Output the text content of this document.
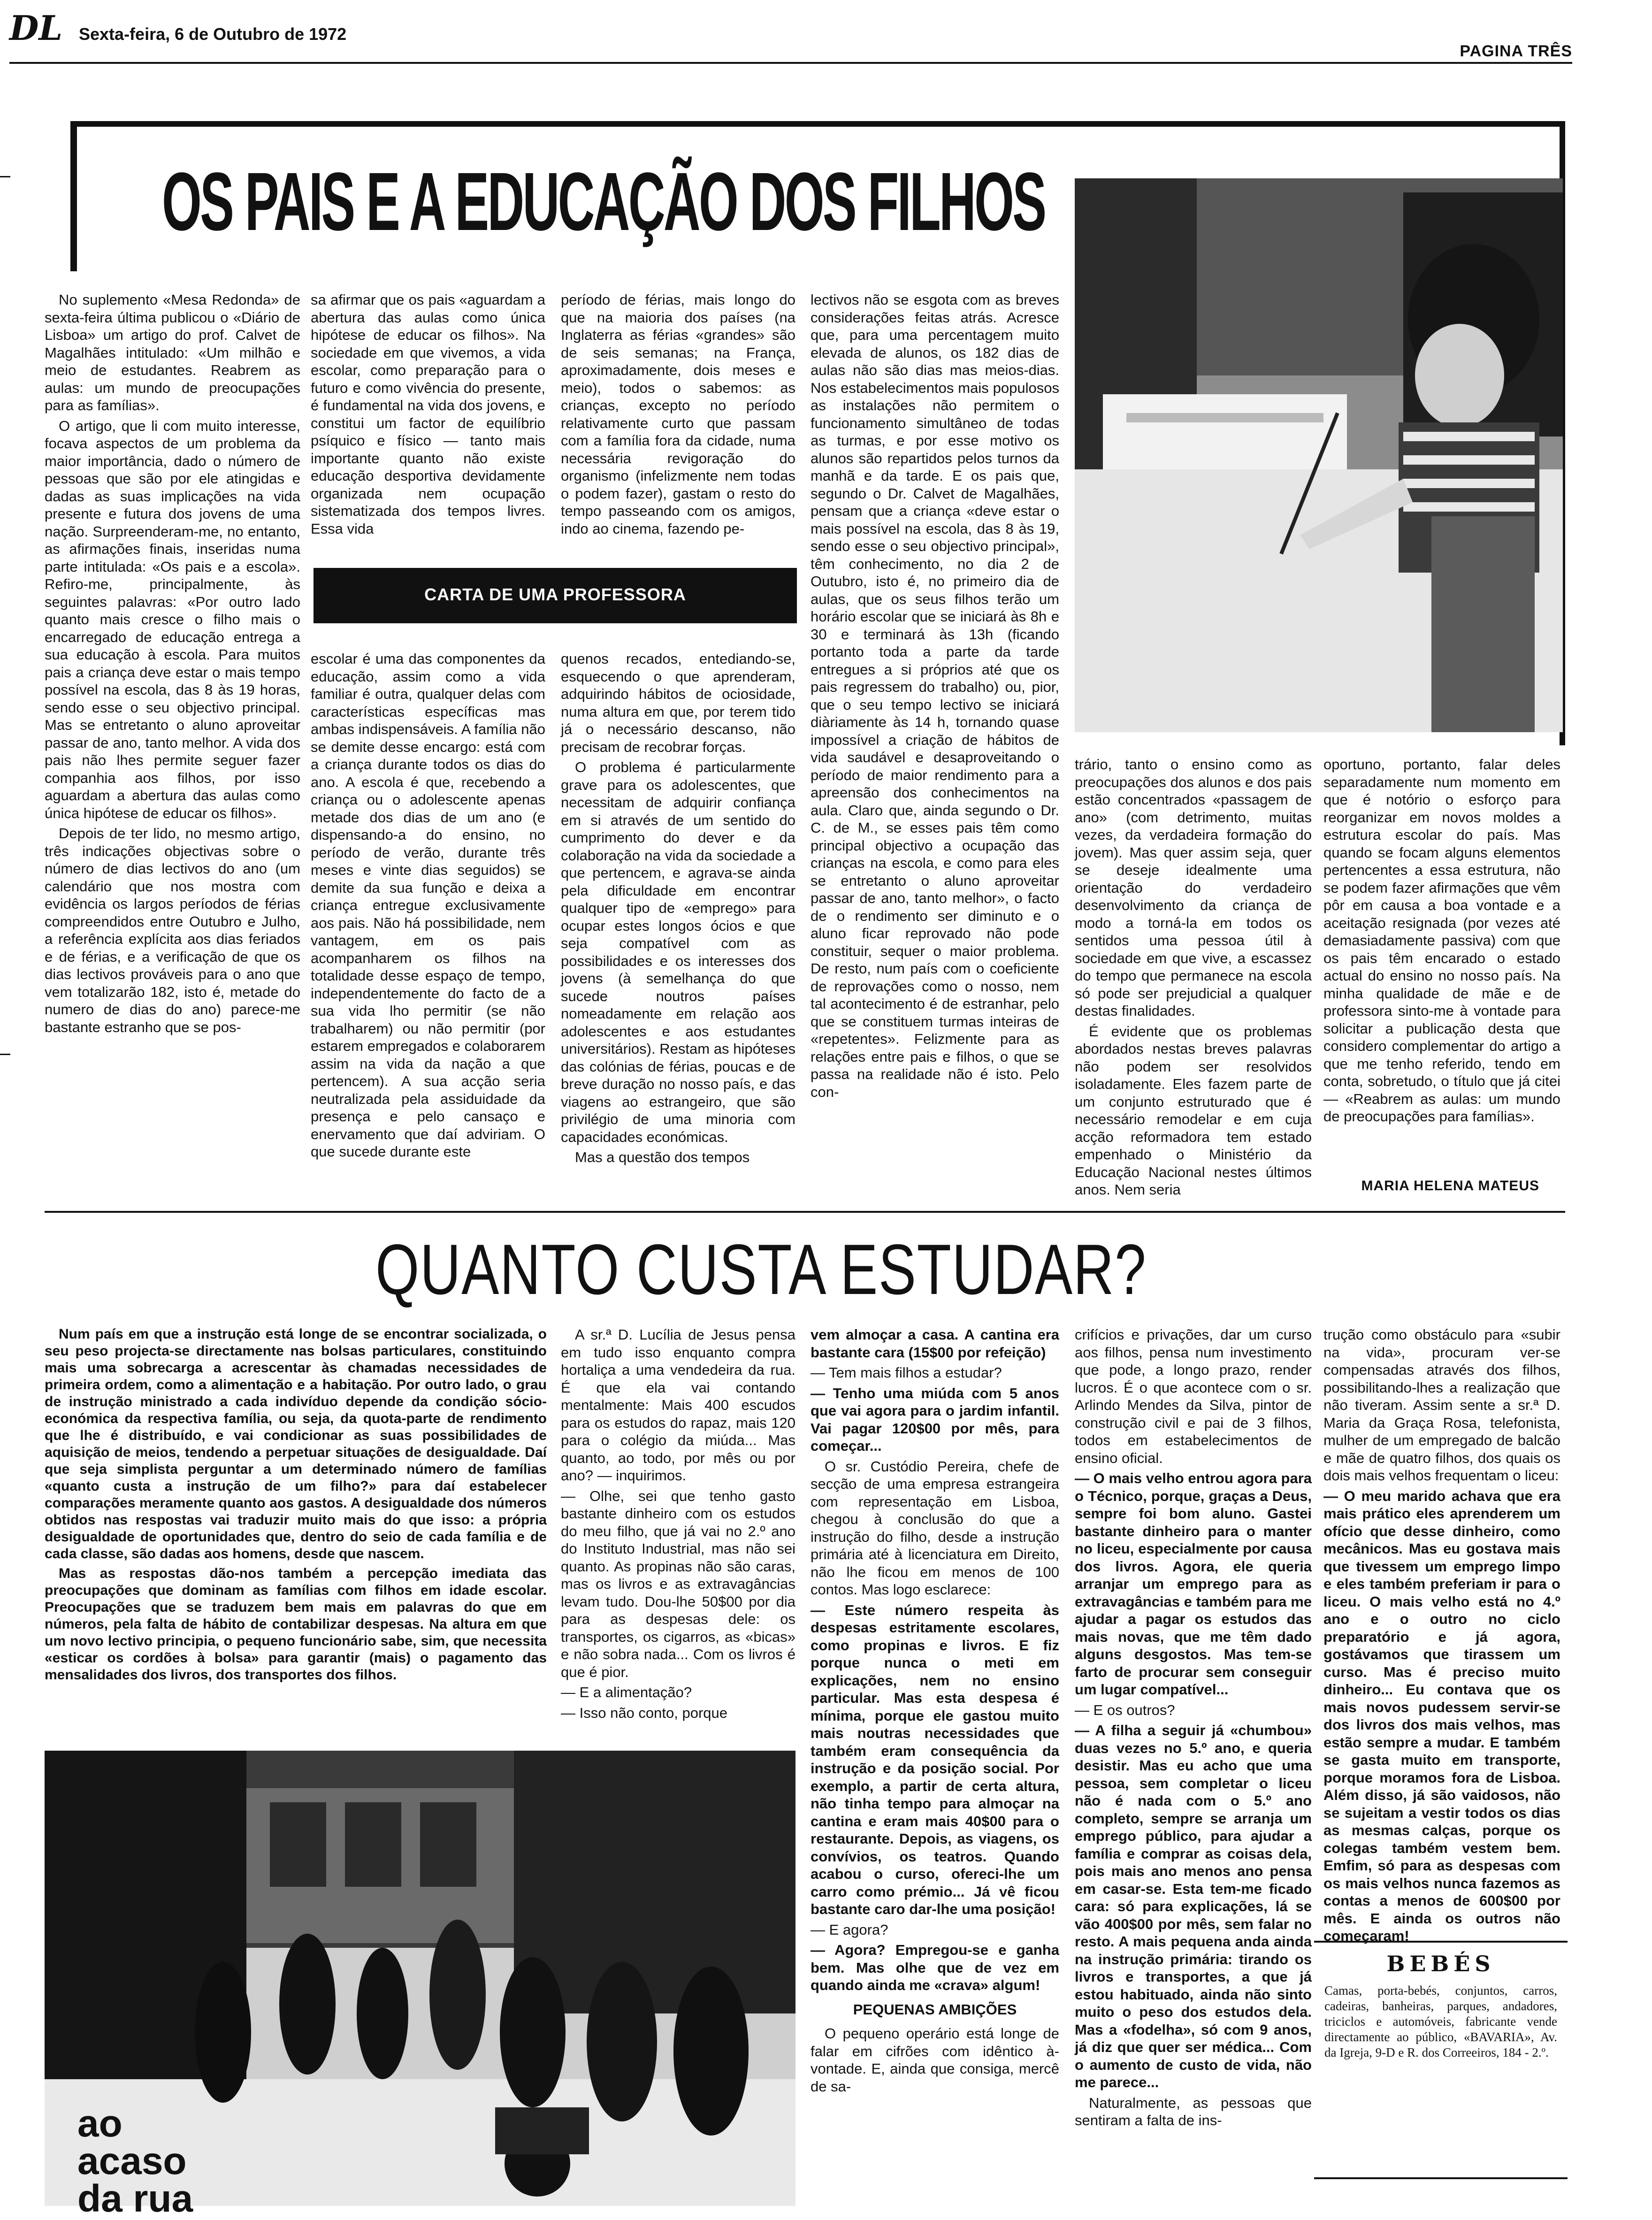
DL Sexta-feira, 6 de Outubro de 1972
PAGINA TRÊS
OS PAIS E A EDUCAÇÃO DOS FILHOS

No suplemento «Mesa Redonda» de sexta-feira última publicou o «Diário de Lisboa» um artigo do prof. Calvet de Magalhães intitulado: «Um milhão e meio de estudantes. Reabrem as aulas: um mundo de preocupações para as famílias».

O artigo, que li com muito interesse, focava aspectos de um problema da maior importância, dado o número de pessoas que são por ele atingidas e dadas as suas implicações na vida presente e futura dos jovens de uma nação. Surpreenderam-me, no entanto, as afirmações finais, inseridas numa parte intitulada: «Os pais e a escola». Refiro-me, principalmente, às seguintes palavras: «Por outro lado quanto mais cresce o filho mais o encarregado de educação entrega a sua educação à escola. Para muitos pais a criança deve estar o mais tempo possível na escola, das 8 às 19 horas, sendo esse o seu objectivo principal. Mas se entretanto o aluno aproveitar passar de ano, tanto melhor. A vida dos pais não lhes permite seguer fazer companhia aos filhos, por isso aguardam a abertura das aulas como única hipótese de educar os filhos».

Depois de ter lido, no mesmo artigo, três indicações objectivas sobre o número de dias lectivos do ano (um calendário que nos mostra com evidência os largos períodos de férias compreendidos entre Outubro e Julho, a referência explícita aos dias feriados e de férias, e a verificação de que os dias lectivos prováveis para o ano que vem totalizarão 182, isto é, metade do numero de dias do ano) parece-me bastante estranho que se pos-

sa afirmar que os pais «aguardam a abertura das aulas como única hipótese de educar os filhos». Na sociedade em que vivemos, a vida escolar, como preparação para o futuro e como vivência do presente, é fundamental na vida dos jovens, e constitui um factor de equilíbrio psíquico e físico — tanto mais importante quanto não existe educação desportiva devidamente organizada nem ocupação sistematizada dos tempos livres. Essa vida

período de férias, mais longo do que na maioria dos países (na Inglaterra as férias «grandes» são de seis semanas; na França, aproximadamente, dois meses e meio), todos o sabemos: as crianças, excepto no período relativamente curto que passam com a família fora da cidade, numa necessária revigoração do organismo (infelizmente nem todas o podem fazer), gastam o resto do tempo passeando com os amigos, indo ao cinema, fazendo pe-

CARTA DE UMA PROFESSORA

escolar é uma das componentes da educação, assim como a vida familiar é outra, qualquer delas com características específicas mas ambas indispensáveis. A família não se demite desse encargo: está com a criança durante todos os dias do ano. A escola é que, recebendo a criança ou o adolescente apenas metade dos dias de um ano (e dispensando-a do ensino, no período de verão, durante três meses e vinte dias seguidos) se demite da sua função e deixa a criança entregue exclusivamente aos pais. Não há possibilidade, nem vantagem, em os pais acompanharem os filhos na totalidade desse espaço de tempo, independentemente do facto de a sua vida lho permitir (se não trabalharem) ou não permitir (por estarem empregados e colaborarem assim na vida da nação a que pertencem). A sua acção seria neutralizada pela assiduidade da presença e pelo cansaço e enervamento que daí adviriam. O que sucede durante este

quenos recados, entediando-se, esquecendo o que aprenderam, adquirindo hábitos de ociosidade, numa altura em que, por terem tido já o necessário descanso, não precisam de recobrar forças.

O problema é particularmente grave para os adolescentes, que necessitam de adquirir confiança em si através de um sentido do cumprimento do dever e da colaboração na vida da sociedade a que pertencem, e agrava-se ainda pela dificuldade em encontrar qualquer tipo de «emprego» para ocupar estes longos ócios e que seja compatível com as possibilidades e os interesses dos jovens (à semelhança do que sucede noutros países nomeadamente em relação aos adolescentes e aos estudantes universitários). Restam as hipóteses das colónias de férias, poucas e de breve duração no nosso país, e das viagens ao estrangeiro, que são privilégio de uma minoria com capacidades económicas.

Mas a questão dos tempos

lectivos não se esgota com as breves considerações feitas atrás. Acresce que, para uma percentagem muito elevada de alunos, os 182 dias de aulas não são dias mas meios-dias. Nos estabelecimentos mais populosos as instalações não permitem o funcionamento simultâneo de todas as turmas, e por esse motivo os alunos são repartidos pelos turnos da manhã e da tarde. E os pais que, segundo o Dr. Calvet de Magalhães, pensam que a criança «deve estar o mais possível na escola, das 8 às 19, sendo esse o seu objectivo principal», têm conhecimento, no dia 2 de Outubro, isto é, no primeiro dia de aulas, que os seus filhos terão um horário escolar que se iniciará às 8h e 30 e terminará às 13h (ficando portanto toda a parte da tarde entregues a si próprios até que os pais regressem do trabalho) ou, pior, que o seu tempo lectivo se iniciará diàriamente às 14 h, tornando quase impossível a criação de hábitos de vida saudável e desaproveitando o período de maior rendimento para a apreensão dos conhecimentos na aula. Claro que, ainda segundo o Dr. C. de M., se esses pais têm como principal objectivo a ocupação das crianças na escola, e como para eles se entretanto o aluno aproveitar passar de ano, tanto melhor», o facto de o rendimento ser diminuto e o aluno ficar reprovado não pode constituir, sequer o maior problema. De resto, num país com o coeficiente de reprovações como o nosso, nem tal acontecimento é de estranhar, pelo que se constituem turmas inteiras de «repetentes». Felizmente para as relações entre pais e filhos, o que se passa na realidade não é isto. Pelo con-

trário, tanto o ensino como as preocupações dos alunos e dos pais estão concentrados «passagem de ano» (com detrimento, muitas vezes, da verdadeira formação do jovem). Mas quer assim seja, quer se deseje idealmente uma orientação do verdadeiro desenvolvimento da criança de modo a torná-la em todos os sentidos uma pessoa útil à sociedade em que vive, a escassez do tempo que permanece na escola só pode ser prejudicial a qualquer destas finalidades.

É evidente que os problemas abordados nestas breves palavras não podem ser resolvidos isoladamente. Eles fazem parte de um conjunto estruturado que é necessário remodelar e em cuja acção reformadora tem estado empenhado o Ministério da Educação Nacional nestes últimos anos. Nem seria

oportuno, portanto, falar deles separadamente num momento em que é notório o esforço para reorganizar em novos moldes a estrutura escolar do país. Mas quando se focam alguns elementos pertencentes a essa estrutura, não se podem fazer afirmações que vêm pôr em causa a boa vontade e a aceitação resignada (por vezes até demasiadamente passiva) com que os pais têm encarado o estado actual do ensino no nosso país. Na minha qualidade de mãe e de professora sinto-me à vontade para solicitar a publicação desta que considero complementar do artigo a que me tenho referido, tendo em conta, sobretudo, o título que já citei — «Reabrem as aulas: um mundo de preocupações para famílias».

MARIA HELENA MATEUS
QUANTO CUSTA ESTUDAR?

Num país em que a instrução está longe de se encontrar socializada, o seu peso projecta-se directamente nas bolsas particulares, constituindo mais uma sobrecarga a acrescentar às chamadas necessidades de primeira ordem, como a alimentação e a habitação. Por outro lado, o grau de instrução ministrado a cada indivíduo depende da condição sócio-económica da respectiva família, ou seja, da quota-parte de rendimento que lhe é distribuído, e vai condicionar as suas possibilidades de aquisição de meios, tendendo a perpetuar situações de desigualdade. Daí que seja simplista perguntar a um determinado número de famílias «quanto custa a instrução de um filho?» para daí estabelecer comparações meramente quanto aos gastos. A desigualdade dos números obtidos nas respostas vai traduzir muito mais do que isso: a própria desigualdade de oportunidades que, dentro do seio de cada família e de cada classe, são dadas aos homens, desde que nascem.

Mas as respostas dão-nos também a percepção imediata das preocupações que dominam as famílias com filhos em idade escolar. Preocupações que se traduzem bem mais em palavras do que em números, pela falta de hábito de contabilizar despesas. Na altura em que um novo lectivo principia, o pequeno funcionário sabe, sim, que necessita «esticar os cordões à bolsa» para garantir (mais) o pagamento das mensalidades dos livros, dos transportes dos filhos.

ao acaso da rua

A sr.ª D. Lucília de Jesus pensa em tudo isso enquanto compra hortaliça a uma vendedeira da rua. É que ela vai contando mentalmente: Mais 400 escudos para os estudos do rapaz, mais 120 para o colégio da miúda... Mas quanto, ao todo, por mês ou por ano? — inquirimos.

— Olhe, sei que tenho gasto bastante dinheiro com os estudos do meu filho, que já vai no 2.º ano do Instituto Industrial, mas não sei quanto. As propinas não são caras, mas os livros e as extravagâncias levam tudo. Dou-lhe 50$00 por dia para as despesas dele: os transportes, os cigarros, as «bicas» e não sobra nada... Com os livros é que é pior.

— E a alimentação?

— Isso não conto, porque

vem almoçar a casa. A cantina era bastante cara (15$00 por refeição)

— Tem mais filhos a estudar?

— Tenho uma miúda com 5 anos que vai agora para o jardim infantil. Vai pagar 120$00 por mês, para começar...

O sr. Custódio Pereira, chefe de secção de uma empresa estrangeira com representação em Lisboa, chegou à conclusão do que a instrução do filho, desde a instrução primária até à licenciatura em Direito, não lhe ficou em menos de 100 contos. Mas logo esclarece:

— Este número respeita às despesas estritamente escolares, como propinas e livros. E fiz porque nunca o meti em explicações, nem no ensino particular. Mas esta despesa é mínima, porque ele gastou muito mais noutras necessidades que também eram consequência da instrução e da posição social. Por exemplo, a partir de certa altura, não tinha tempo para almoçar na cantina e eram mais 40$00 para o restaurante. Depois, as viagens, os convívios, os teatros. Quando acabou o curso, ofereci-lhe um carro como prémio... Já vê ficou bastante caro dar-lhe uma posição!

— E agora?

— Agora? Empregou-se e ganha bem. Mas olhe que de vez em quando ainda me «crava» algum!

PEQUENAS AMBIÇÕES

O pequeno operário está longe de falar em cifrões com idêntico à-vontade. E, ainda que consiga, mercê de sa-

crifícios e privações, dar um curso aos filhos, pensa num investimento que pode, a longo prazo, render lucros. É o que acontece com o sr. Arlindo Mendes da Silva, pintor de construção civil e pai de 3 filhos, todos em estabelecimentos de ensino oficial.

— O mais velho entrou agora para o Técnico, porque, graças a Deus, sempre foi bom aluno. Gastei bastante dinheiro para o manter no liceu, especialmente por causa dos livros. Agora, ele queria arranjar um emprego para as extravagâncias e também para me ajudar a pagar os estudos das mais novas, que me têm dado alguns desgostos. Mas tem-se farto de procurar sem conseguir um lugar compatível...

— E os outros?

— A filha a seguir já «chumbou» duas vezes no 5.º ano, e queria desistir. Mas eu acho que uma pessoa, sem completar o liceu não é nada com o 5.º ano completo, sempre se arranja um emprego público, para ajudar a família e comprar as coisas dela, pois mais ano menos ano pensa em casar-se. Esta tem-me ficado cara: só para explicações, lá se vão 400$00 por mês, sem falar no resto. A mais pequena anda ainda na instrução primária: tirando os livros e transportes, a que já estou habituado, ainda não sinto muito o peso dos estudos dela. Mas a «fodelha», só com 9 anos, já diz que quer ser médica... Com o aumento de custo de vida, não me parece...

Naturalmente, as pessoas que sentiram a falta de ins-

trução como obstáculo para «subir na vida», procuram ver-se compensadas através dos filhos, possibilitando-lhes a realização que não tiveram. Assim sente a sr.ª D. Maria da Graça Rosa, telefonista, mulher de um empregado de balcão e mãe de quatro filhos, dos quais os dois mais velhos frequentam o liceu:

— O meu marido achava que era mais prático eles aprenderem um ofício que desse dinheiro, como mecânicos. Mas eu gostava mais que tivessem um emprego limpo e eles também preferiam ir para o liceu. O mais velho está no 4.º ano e o outro no ciclo preparatório e já agora, gostávamos que tirassem um curso. Mas é preciso muito dinheiro... Eu contava que os mais novos pudessem servir-se dos livros dos mais velhos, mas estão sempre a mudar. E também se gasta muito em transporte, porque moramos fora de Lisboa. Além disso, já são vaidosos, não se sujeitam a vestir todos os dias as mesmas calças, porque os colegas também vestem bem. Emfim, só para as despesas com os mais velhos nunca fazemos as contas a menos de 600$00 por mês. E ainda os outros não começaram!

BEBÉS
Camas, porta-bebés, conjuntos, carros, cadeiras, banheiras, parques, andadores, triciclos e automóveis, fabricante vende directamente ao público, «BAVARIA», Av. da Igreja, 9-D e R. dos Correeiros, 184 - 2.º.
